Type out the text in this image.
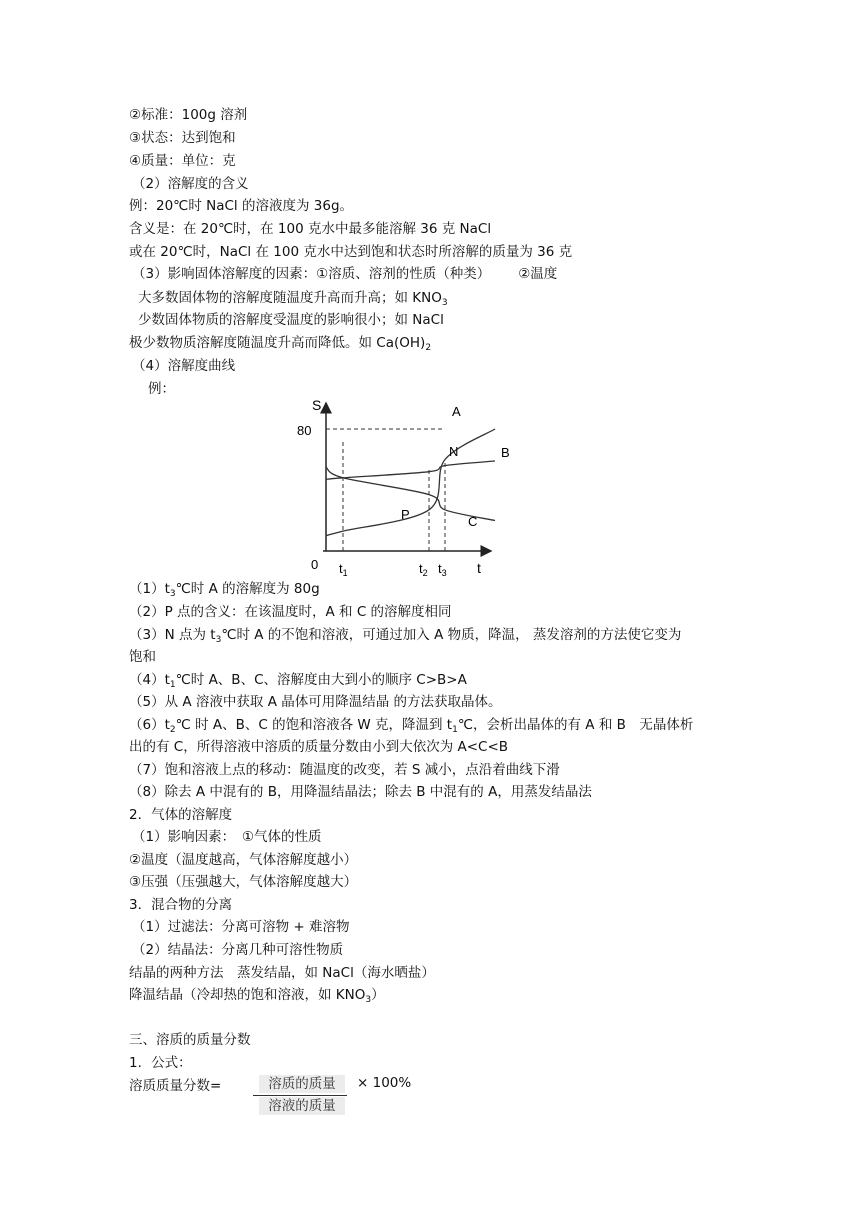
②标准：100g 溶剂
③状态：达到饱和
④质量：单位：克
（2）溶解度的含义
例：20℃时 NaCl 的溶液度为 36g。
含义是：在 20℃时，在 100 克水中最多能溶解 36 克 NaCl
或在 20℃时，NaCl 在 100 克水中达到饱和状态时所溶解的质量为 36 克
（3）影响固体溶解度的因素：①溶质、溶剂的性质（种类） ②温度
大多数固体物的溶解度随温度升高而升高；如 $KNO_3$
少数固体物质的溶解度受温度的影响很小；如 NaCl
极少数物质溶解度随温度升高而降低。如 $Ca(OH)_2$
（4）溶解度曲线
例：
S
t
0
80
$t_1$	$t_2$ $t_3$
A
B
C
P
N
$(1)t_3℃$时 A 的溶解度为 80g
（2）P 点的含义：在该温度时，A 和 C 的溶解度相同
（3）N 点为 $t_3℃$时 A 的不饱和溶液，可通过加入 A 物质，降温， 蒸发溶剂的方法使它变为
饱和
$(4)t_1℃$时 A、B、C、溶解度由大到小的顺序 C>B>A
（5）从 A 溶液中获取 A 晶体可用降温结晶 的方法获取晶体。
$(6)t_2℃$ 时 A、B、C 的饱和溶液各 W 克，降温到 $t_1℃$，会析出晶体的有 A 和 B　无晶体析
出的有 C，所得溶液中溶质的质量分数由小到大依次为 A<C<B
（7）饱和溶液上点的移动：随温度的改变，若 S 减小，点沿着曲线下滑
（8）除去 A 中混有的 B，用降温结晶法；除去 B 中混有的 A，用蒸发结晶法
2．气体的溶解度
（1）影响因素：　①气体的性质
②温度（温度越高，气体溶解度越小）
③压强（压强越大，气体溶解度越大）
3．混合物的分离
（1）过滤法：分离可溶物 + 难溶物
（2）结晶法：分离几种可溶性物质
结晶的两种方法　蒸发结晶，如 NaCl（海水晒盐）
降温结晶（冷却热的饱和溶液，如 $KNO_3$）
三、溶质的质量分数
1．公式：
溶质质量分数=	溶质的质量
溶液的质量
× 100%
